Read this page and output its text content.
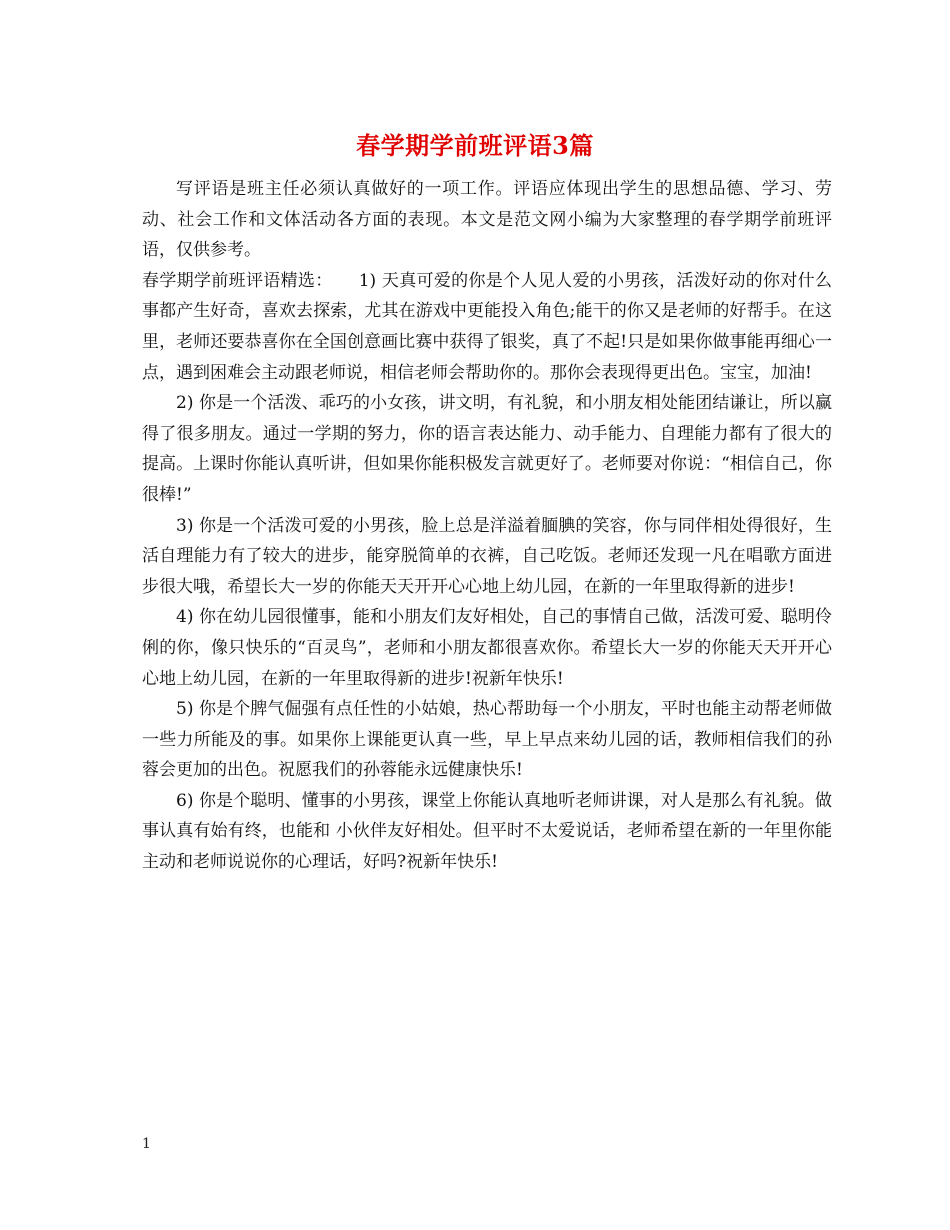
春学期学前班评语3篇

写评语是班主任必须认真做好的一项工作。评语应体现出学生的思想品德、学习、劳动、社会工作和文体活动各方面的表现。本文是范文网小编为大家整理的春学期学前班评语，仅供参考。

春学期学前班评语精选：　　1) 天真可爱的你是个人见人爱的小男孩，活泼好动的你对什么事都产生好奇，喜欢去探索，尤其在游戏中更能投入角色;能干的你又是老师的好帮手。在这里，老师还要恭喜你在全国创意画比赛中获得了银奖，真了不起!只是如果你做事能再细心一点，遇到困难会主动跟老师说，相信老师会帮助你的。那你会表现得更出色。宝宝，加油!

2) 你是一个活泼、乖巧的小女孩，讲文明，有礼貌，和小朋友相处能团结谦让，所以赢得了很多朋友。通过一学期的努力，你的语言表达能力、动手能力、自理能力都有了很大的提高。上课时你能认真听讲，但如果你能积极发言就更好了。老师要对你说：“相信自己，你很棒!”

3) 你是一个活泼可爱的小男孩，脸上总是洋溢着腼腆的笑容，你与同伴相处得很好，生活自理能力有了较大的进步，能穿脱简单的衣裤，自己吃饭。老师还发现一凡在唱歌方面进步很大哦，希望长大一岁的你能天天开开心心地上幼儿园，在新的一年里取得新的进步!

4) 你在幼儿园很懂事，能和小朋友们友好相处，自己的事情自己做，活泼可爱、聪明伶俐的你，像只快乐的“百灵鸟”，老师和小朋友都很喜欢你。希望长大一岁的你能天天开开心心地上幼儿园，在新的一年里取得新的进步!祝新年快乐!

5) 你是个脾气倔强有点任性的小姑娘，热心帮助每一个小朋友，平时也能主动帮老师做一些力所能及的事。如果你上课能更认真一些，早上早点来幼儿园的话，教师相信我们的孙蓉会更加的出色。祝愿我们的孙蓉能永远健康快乐!

6) 你是个聪明、懂事的小男孩，课堂上你能认真地听老师讲课，对人是那么有礼貌。做事认真有始有终，也能和 小伙伴友好相处。但平时不太爱说话，老师希望在新的一年里你能主动和老师说说你的心理话，好吗?祝新年快乐!

1
